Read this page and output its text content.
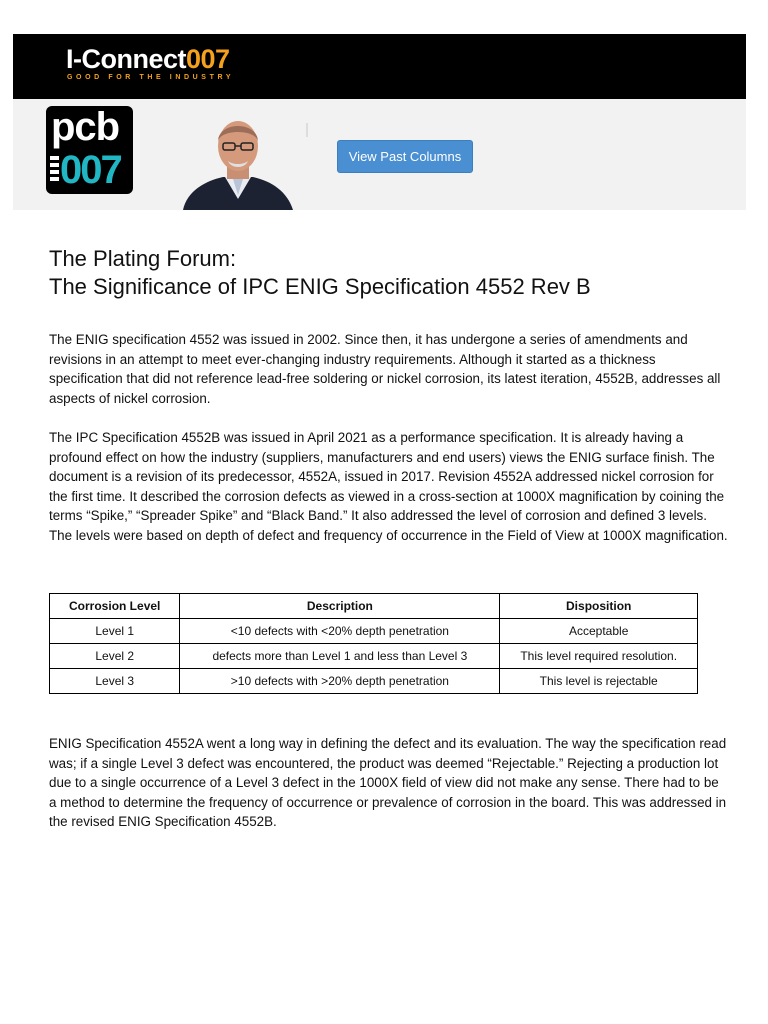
I-Connect007
GOOD FOR THE INDUSTRY
pcb
007	View Past Columns
The Plating Forum:
The Significance of IPC ENIG Specification 4552 Rev B

The ENIG specification 4552 was issued in 2002. Since then, it has undergone a series of amendments and revisions in an attempt to meet ever-changing industry requirements. Although it started as a thickness specification that did not reference lead-free soldering or nickel corrosion, its latest iteration, 4552B, addresses all aspects of nickel corrosion.

The IPC Specification 4552B was issued in April 2021 as a performance specification. It is already having a profound effect on how the industry (suppliers, manufacturers and end users) views the ENIG surface finish. The document is a revision of its predecessor, 4552A, issued in 2017. Revision 4552A addressed nickel corrosion for the first time. It described the corrosion defects as viewed in a cross-section at 1000X magnification by coining the terms “Spike,” “Spreader Spike” and “Black Band.” It also addressed the level of corrosion and defined 3 levels. The levels were based on depth of defect and frequency of occurrence in the Field of View at 1000X magnification.

Corrosion Level	Description	Disposition
Level 1	<10 defects with <20% depth penetration	Acceptable
Level 2	defects more than Level 1 and less than Level 3	This level required resolution.
Level 3	>10 defects with >20% depth penetration	This level is rejectable

ENIG Specification 4552A went a long way in defining the defect and its evaluation. The way the specification read was; if a single Level 3 defect was encountered, the product was deemed “Rejectable.” Rejecting a production lot due to a single occurrence of a Level 3 defect in the 1000X field of view did not make any sense. There had to be a method to determine the frequency of occurrence or prevalence of corrosion in the board. This was addressed in the revised ENIG Specification 4552B.
